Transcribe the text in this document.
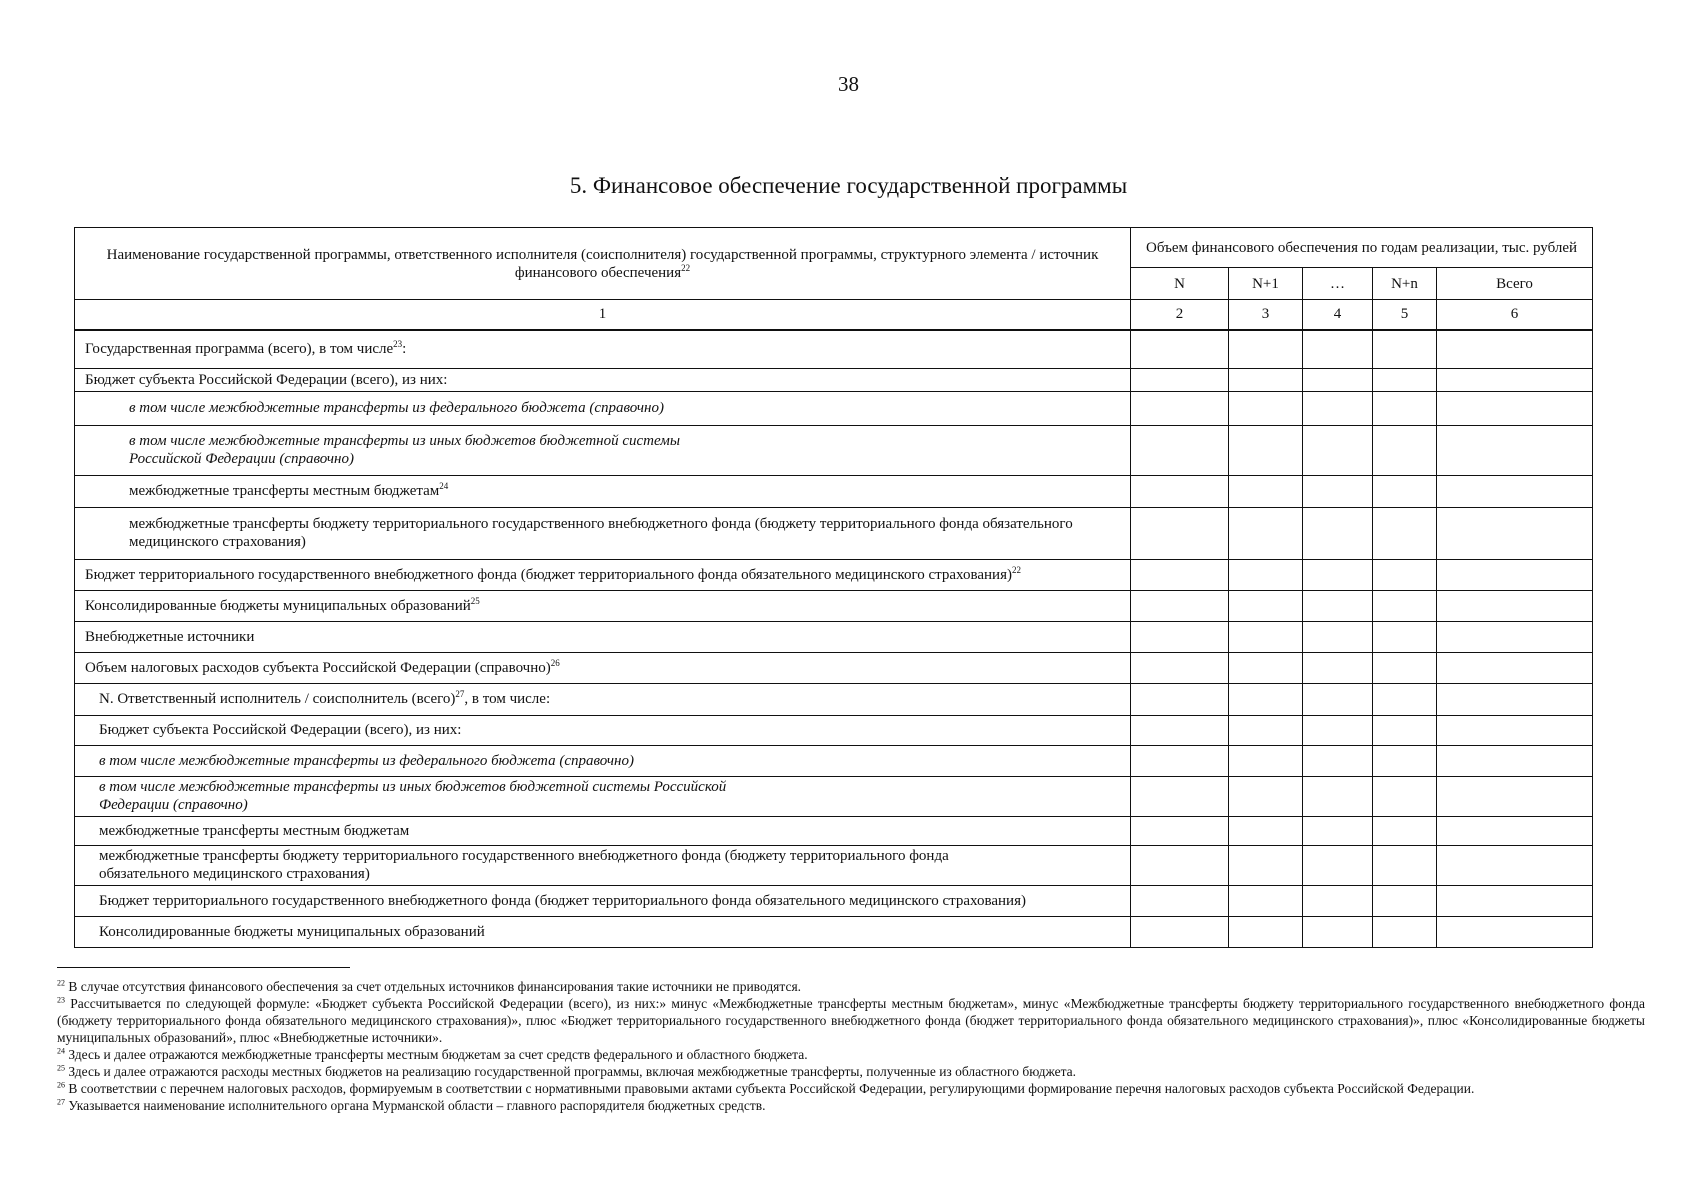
38
5. Финансовое обеспечение государственной программы
Наименование государственной программы, ответственного исполнителя (соисполнителя) государственной программы, структурного элемента / источник финансового обеспечения$^{22}$	Объем финансового обеспечения по годам реализации, тыс. рублей				
	N	N+1	…	N+n	Всего
1	2	3	4	5	6
Государственная программа (всего), в том числе$^{23}$:					
Бюджет субъекта Российской Федерации (всего), из них:					
в том числе межбюджетные трансферты из федерального бюджета (справочно)					
в том числе межбюджетные трансферты из иных бюджетов бюджетной системы Российской Федерации (справочно)					
межбюджетные трансферты местным бюджетам$^{24}$					
межбюджетные трансферты бюджету территориального государственного внебюджетного фонда (бюджету территориального фонда обязательного медицинского страхования)					
Бюджет территориального государственного внебюджетного фонда (бюджет территориального фонда обязательного медицинского страхования)$^{22}$					
Консолидированные бюджеты муниципальных образований$^{25}$					
Внебюджетные источники					
Объем налоговых расходов субъекта Российской Федерации (справочно)$^{26}$					
N. Ответственный исполнитель / соисполнитель (всего)$^{27}$, в том числе:					
Бюджет субъекта Российской Федерации (всего), из них:					
в том числе межбюджетные трансферты из федерального бюджета (справочно)					
в том числе межбюджетные трансферты из иных бюджетов бюджетной системы Российской Федерации (справочно)					
межбюджетные трансферты местным бюджетам					
межбюджетные трансферты бюджету территориального государственного внебюджетного фонда (бюджету территориального фонда обязательного медицинского страхования)					
Бюджет территориального государственного внебюджетного фонда (бюджет территориального фонда обязательного медицинского страхования)					
Консолидированные бюджеты муниципальных образований					

$^{22}$ В случае отсутствия финансового обеспечения за счет отдельных источников финансирования такие источники не приводятся.

$^{23}$ Рассчитывается по следующей формуле: «Бюджет субъекта Российской Федерации (всего), из них:» минус «Межбюджетные трансферты местным бюджетам», минус «Межбюджетные трансферты бюджету территориального государственного внебюджетного фонда (бюджету территориального фонда обязательного медицинского страхования)», плюс «Бюджет территориального государственного внебюджетного фонда (бюджет территориального фонда обязательного медицинского страхования)», плюс «Консолидированные бюджеты муниципальных образований», плюс «Внебюджетные источники».

$^{24}$ Здесь и далее отражаются межбюджетные трансферты местным бюджетам за счет средств федерального и областного бюджета.

$^{25}$ Здесь и далее отражаются расходы местных бюджетов на реализацию государственной программы, включая межбюджетные трансферты, полученные из областного бюджета.

$^{26}$ В соответствии с перечнем налоговых расходов, формируемым в соответствии с нормативными правовыми актами субъекта Российской Федерации, регулирующими формирование перечня налоговых расходов субъекта Российской Федерации.

$^{27}$ Указывается наименование исполнительного органа Мурманской области – главного распорядителя бюджетных средств.
